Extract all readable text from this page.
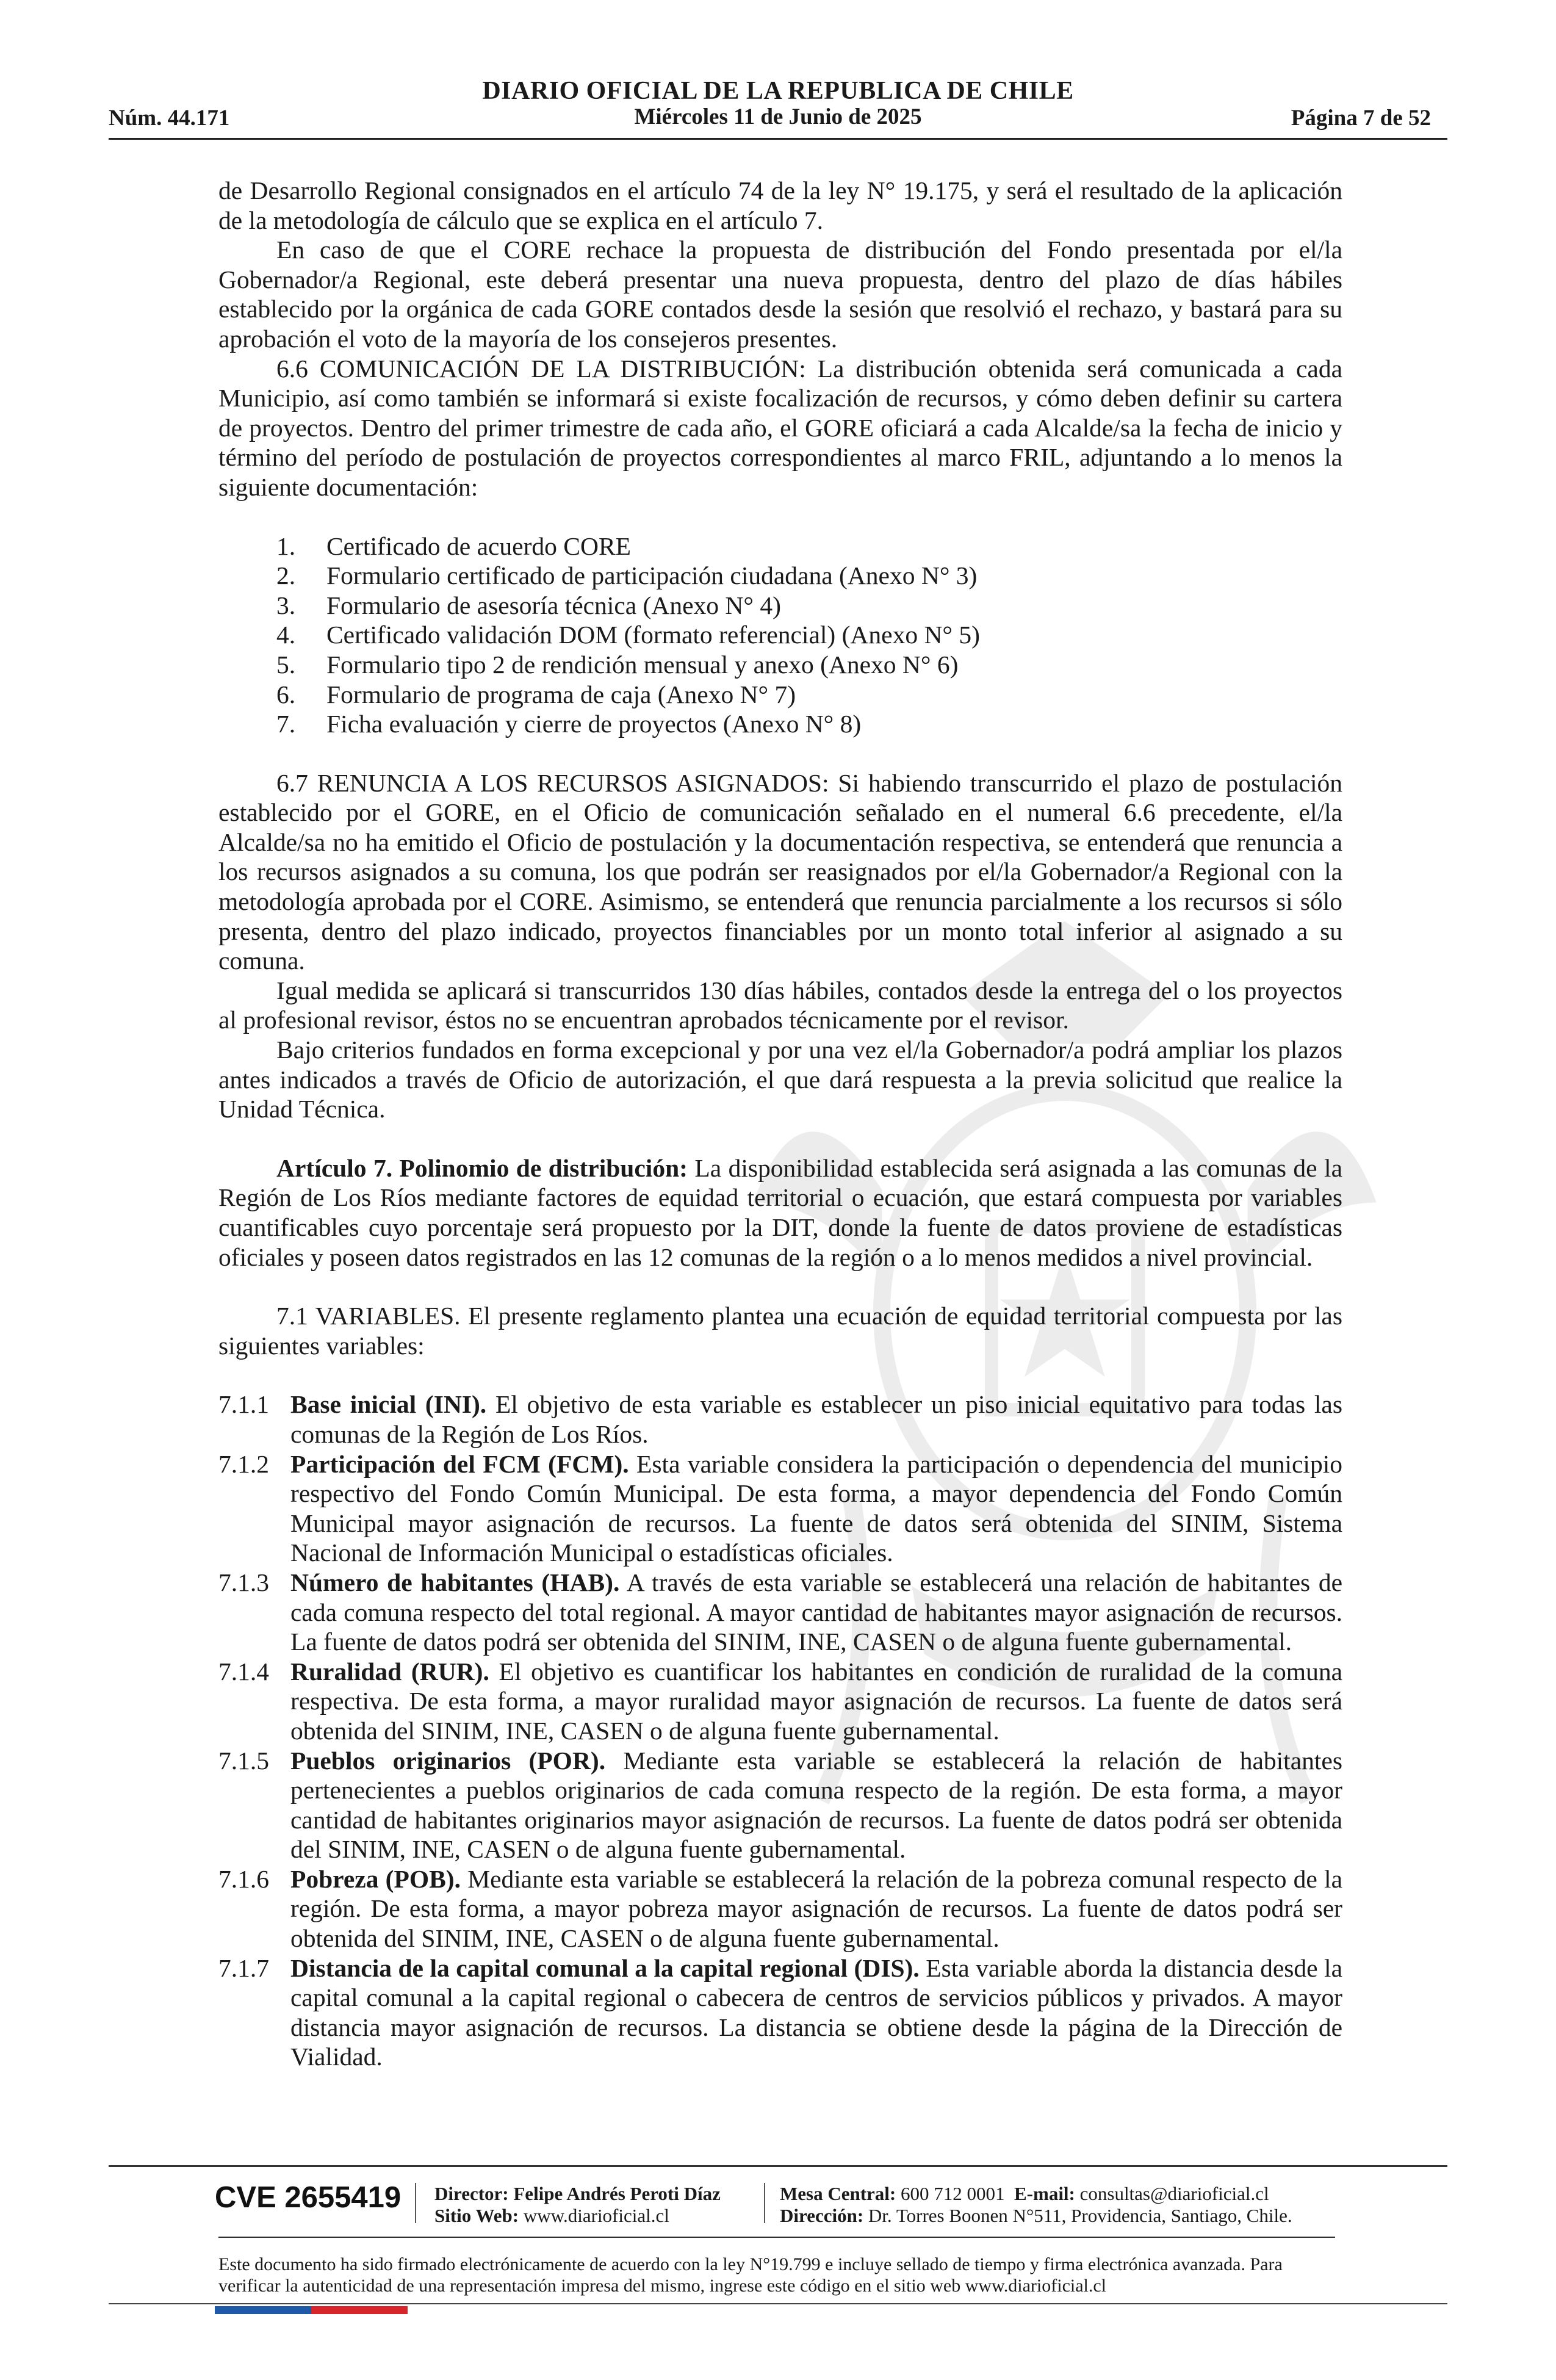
DIARIO OFICIAL DE LA REPUBLICA DE CHILE
Núm. 44.171	Miércoles 11 de Junio de 2025	Página 7 de 52

de Desarrollo Regional consignados en el artículo 74 de la ley N° 19.175, y será el resultado de la aplicación de la metodología de cálculo que se explica en el artículo 7.

En caso de que el CORE rechace la propuesta de distribución del Fondo presentada por el/la Gobernador/a Regional, este deberá presentar una nueva propuesta, dentro del plazo de días hábiles establecido por la orgánica de cada GORE contados desde la sesión que resolvió el rechazo, y bastará para su aprobación el voto de la mayoría de los consejeros presentes.

6.6 COMUNICACIÓN DE LA DISTRIBUCIÓN: La distribución obtenida será comunicada a cada Municipio, así como también se informará si existe focalización de recursos, y cómo deben definir su cartera de proyectos. Dentro del primer trimestre de cada año, el GORE oficiará a cada Alcalde/sa la fecha de inicio y término del período de postulación de proyectos correspondientes al marco FRIL, adjuntando a lo menos la siguiente documentación:

1.	Certificado de acuerdo CORE
2.	Formulario certificado de participación ciudadana (Anexo N° 3)
3.	Formulario de asesoría técnica (Anexo N° 4)
4.	Certificado validación DOM (formato referencial) (Anexo N° 5)
5.	Formulario tipo 2 de rendición mensual y anexo (Anexo N° 6)
6.	Formulario de programa de caja (Anexo N° 7)
7.	Ficha evaluación y cierre de proyectos (Anexo N° 8)

6.7 RENUNCIA A LOS RECURSOS ASIGNADOS: Si habiendo transcurrido el plazo de postulación establecido por el GORE, en el Oficio de comunicación señalado en el numeral 6.6 precedente, el/la Alcalde/sa no ha emitido el Oficio de postulación y la documentación respectiva, se entenderá que renuncia a los recursos asignados a su comuna, los que podrán ser reasignados por el/la Gobernador/a Regional con la metodología aprobada por el CORE. Asimismo, se entenderá que renuncia parcialmente a los recursos si sólo presenta, dentro del plazo indicado, proyectos financiables por un monto total inferior al asignado a su comuna.

Igual medida se aplicará si transcurridos 130 días hábiles, contados desde la entrega del o los proyectos al profesional revisor, éstos no se encuentran aprobados técnicamente por el revisor.

Bajo criterios fundados en forma excepcional y por una vez el/la Gobernador/a podrá ampliar los plazos antes indicados a través de Oficio de autorización, el que dará respuesta a la previa solicitud que realice la Unidad Técnica.

Artículo 7. Polinomio de distribución: La disponibilidad establecida será asignada a las comunas de la Región de Los Ríos mediante factores de equidad territorial o ecuación, que estará compuesta por variables cuantificables cuyo porcentaje será propuesto por la DIT, donde la fuente de datos proviene de estadísticas oficiales y poseen datos registrados en las 12 comunas de la región o a lo menos medidos a nivel provincial.

7.1 VARIABLES. El presente reglamento plantea una ecuación de equidad territorial compuesta por las siguientes variables:

7.1.1 Base inicial (INI). El objetivo de esta variable es establecer un piso inicial equitativo para todas las comunas de la Región de Los Ríos.
7.1.2 Participación del FCM (FCM). Esta variable considera la participación o dependencia del municipio respectivo del Fondo Común Municipal. De esta forma, a mayor dependencia del Fondo Común Municipal mayor asignación de recursos. La fuente de datos será obtenida del SINIM, Sistema Nacional de Información Municipal o estadísticas oficiales.
7.1.3 Número de habitantes (HAB). A través de esta variable se establecerá una relación de habitantes de cada comuna respecto del total regional. A mayor cantidad de habitantes mayor asignación de recursos. La fuente de datos podrá ser obtenida del SINIM, INE, CASEN o de alguna fuente gubernamental.
7.1.4 Ruralidad (RUR). El objetivo es cuantificar los habitantes en condición de ruralidad de la comuna respectiva. De esta forma, a mayor ruralidad mayor asignación de recursos. La fuente de datos será obtenida del SINIM, INE, CASEN o de alguna fuente gubernamental.
7.1.5 Pueblos originarios (POR). Mediante esta variable se establecerá la relación de habitantes pertenecientes a pueblos originarios de cada comuna respecto de la región. De esta forma, a mayor cantidad de habitantes originarios mayor asignación de recursos. La fuente de datos podrá ser obtenida del SINIM, INE, CASEN o de alguna fuente gubernamental.
7.1.6 Pobreza (POB). Mediante esta variable se establecerá la relación de la pobreza comunal respecto de la región. De esta forma, a mayor pobreza mayor asignación de recursos. La fuente de datos podrá ser obtenida del SINIM, INE, CASEN o de alguna fuente gubernamental.
7.1.7 Distancia de la capital comunal a la capital regional (DIS). Esta variable aborda la distancia desde la capital comunal a la capital regional o cabecera de centros de servicios públicos y privados. A mayor distancia mayor asignación de recursos. La distancia se obtiene desde la página de la Dirección de Vialidad.
CVE 2655419 Director: Felipe Andrés Peroti Díaz
Sitio Web: www.diarioficial.cl
Mesa Central: 600 712 0001 E-mail: consultas@diarioficial.cl
Dirección: Dr. Torres Boonen N°511, Providencia, Santiago, Chile.
Este documento ha sido firmado electrónicamente de acuerdo con la ley N°19.799 e incluye sellado de tiempo y firma electrónica avanzada. Para verificar la autenticidad de una representación impresa del mismo, ingrese este código en el sitio web www.diarioficial.cl
